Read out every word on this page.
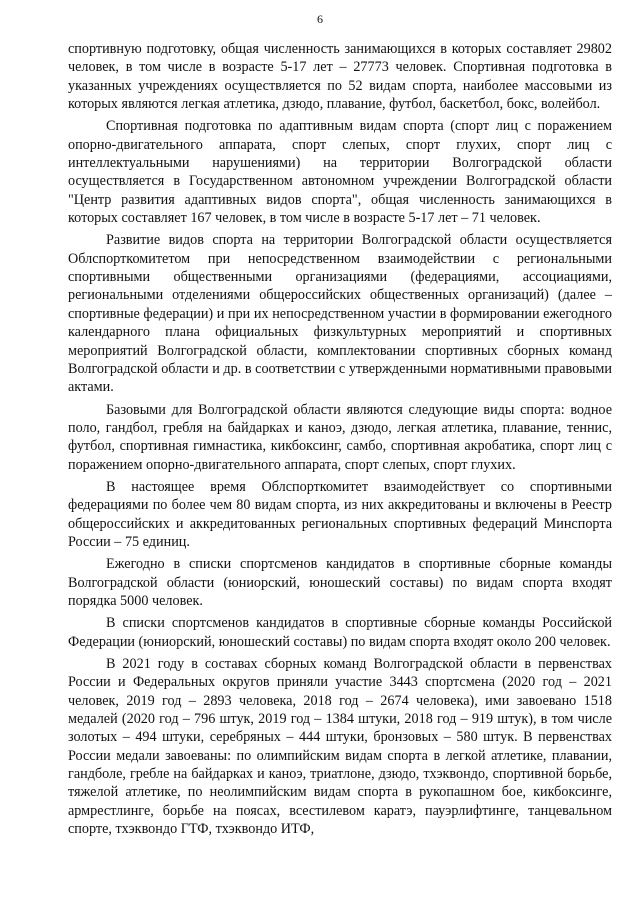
6

спортивную подготовку, общая численность занимающихся в которых составляет 29802 человек, в том числе в возрасте 5-17 лет – 27773 человек. Спортивная подготовка в указанных учреждениях осуществляется по 52 видам спорта, наиболее массовыми из которых являются легкая атлетика, дзюдо, плавание, футбол, баскетбол, бокс, волейбол.

Спортивная подготовка по адаптивным видам спорта (спорт лиц с поражением опорно-двигательного аппарата, спорт слепых, спорт глухих, спорт лиц с интеллектуальными нарушениями) на территории Волгоградской области осуществляется в Государственном автономном учреждении Волгоградской области "Центр развития адаптивных видов спорта", общая численность занимающихся в которых составляет 167 человек, в том числе в возрасте 5-17 лет – 71 человек.

Развитие видов спорта на территории Волгоградской области осуществляется Облспорткомитетом при непосредственном взаимодействии с региональными спортивными общественными организациями (федерациями, ассоциациями, региональными отделениями общероссийских общественных организаций) (далее – спортивные федерации) и при их непосредственном участии в формировании ежегодного календарного плана официальных физкультурных мероприятий и спортивных мероприятий Волгоградской области, комплектовании спортивных сборных команд Волгоградской области и др. в соответствии с утвержденными нормативными правовыми актами.

Базовыми для Волгоградской области являются следующие виды спорта: водное поло, гандбол, гребля на байдарках и каноэ, дзюдо, легкая атлетика, плавание, теннис, футбол, спортивная гимнастика, кикбоксинг, самбо, спортивная акробатика, спорт лиц с поражением опорно-двигательного аппарата, спорт слепых, спорт глухих.

В настоящее время Облспорткомитет взаимодействует со спортивными федерациями по более чем 80 видам спорта, из них аккредитованы и включены в Реестр общероссийских и аккредитованных региональных спортивных федераций Минспорта России – 75 единиц.

Ежегодно в списки спортсменов кандидатов в спортивные сборные команды Волгоградской области (юниорский, юношеский составы) по видам спорта входят порядка 5000 человек.

В списки спортсменов кандидатов в спортивные сборные команды Российской Федерации (юниорский, юношеский составы) по видам спорта входят около 200 человек.

В 2021 году в составах сборных команд Волгоградской области в первенствах России и Федеральных округов приняли участие 3443 спортсмена (2020 год – 2021 человек, 2019 год – 2893 человека, 2018 год – 2674 человека), ими завоевано 1518 медалей (2020 год – 796 штук, 2019 год – 1384 штуки, 2018 год – 919 штук), в том числе золотых – 494 штуки, серебряных – 444 штуки, бронзовых – 580 штук. В первенствах России медали завоеваны: по олимпийским видам спорта в легкой атлетике, плавании, гандболе, гребле на байдарках и каноэ, триатлоне, дзюдо, тхэквондо, спортивной борьбе, тяжелой атлетике, по неолимпийским видам спорта в рукопашном бое, кикбоксинге, армрестлинге, борьбе на поясах, всестилевом каратэ, пауэрлифтинге, танцевальном спорте, тхэквондо ГТФ, тхэквондо ИТФ,
